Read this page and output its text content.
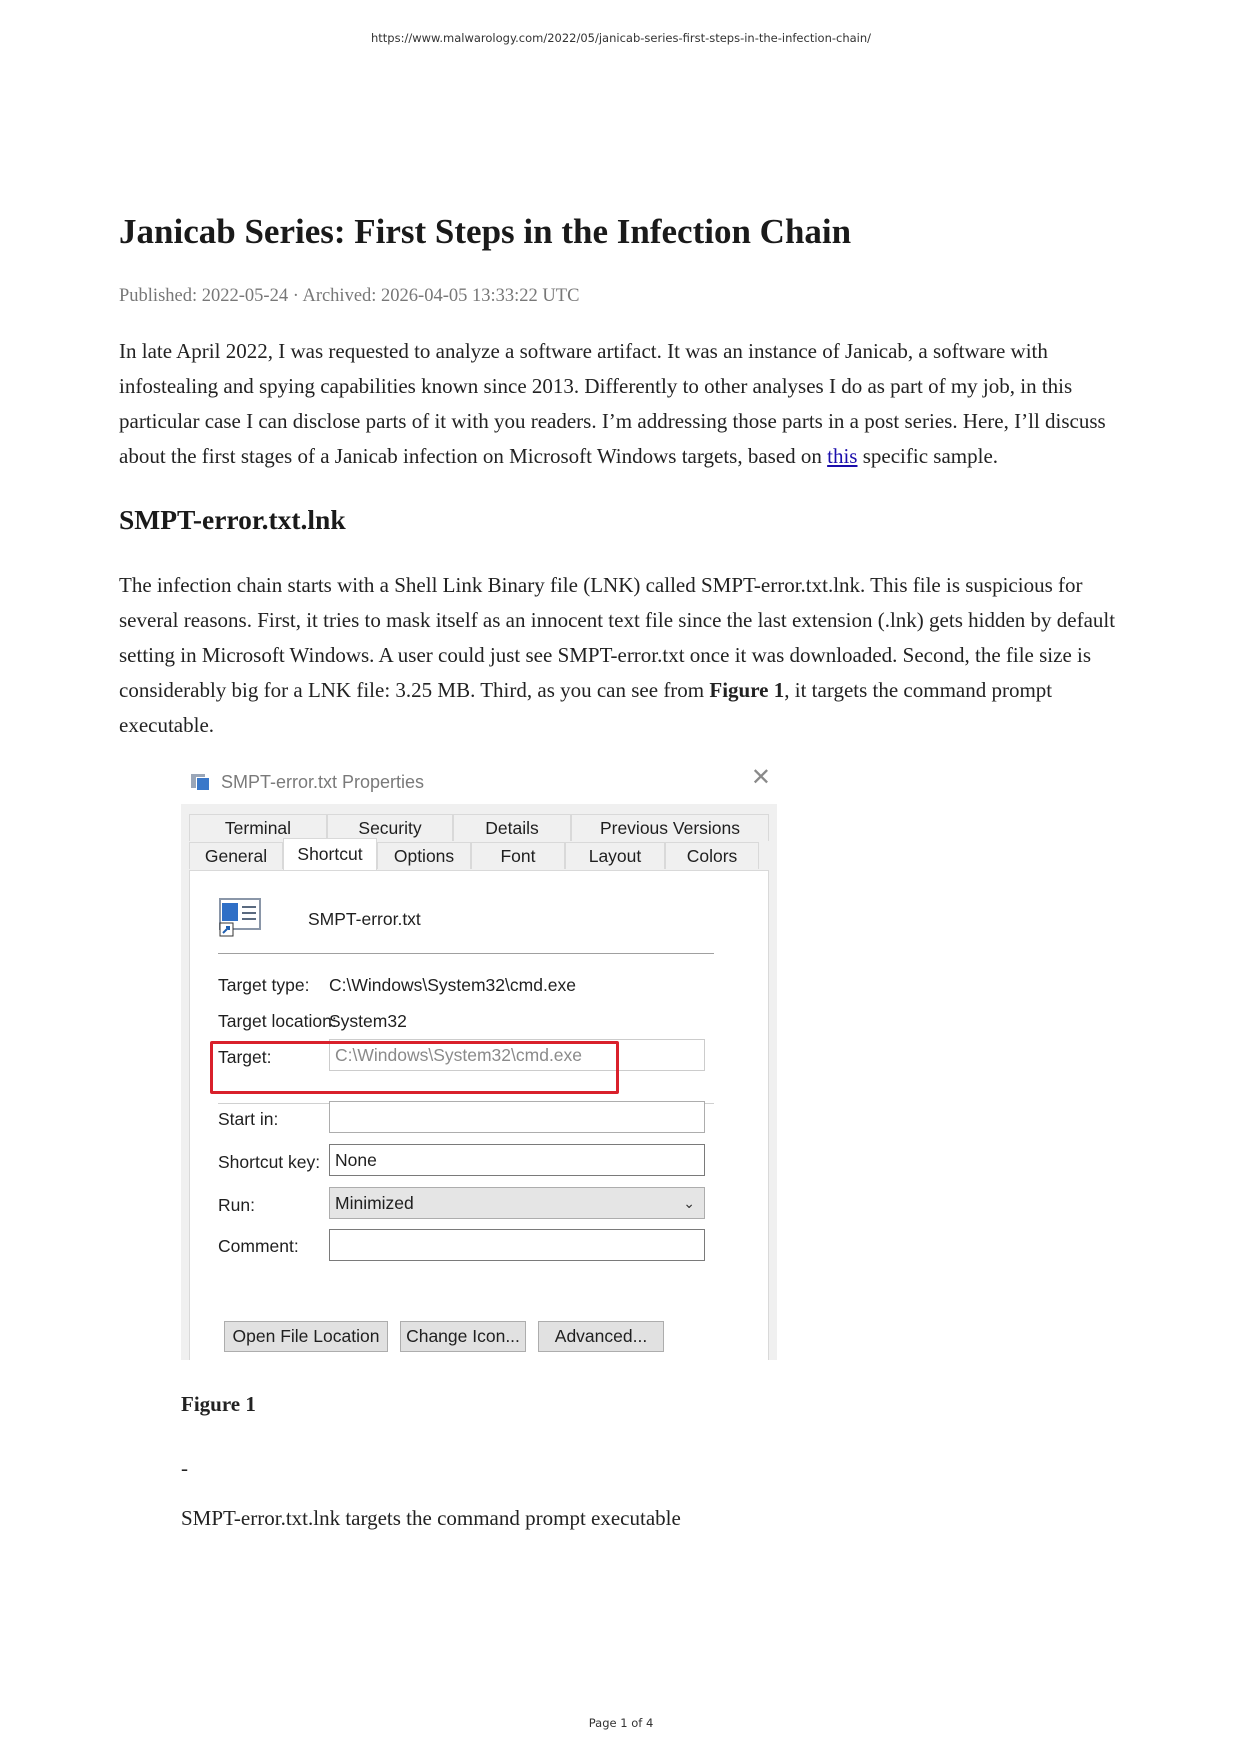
https://www.malwarology.com/2022/05/janicab-series-first-steps-in-the-infection-chain/
Janicab Series: First Steps in the Infection Chain
Published: 2022-05-24 · Archived: 2026-04-05 13:33:22 UTC

In late April 2022, I was requested to analyze a software artifact. It was an instance of Janicab, a software with infostealing and spying capabilities known since 2013. Differently to other analyses I do as part of my job, in this particular case I can disclose parts of it with you readers. I’m addressing those parts in a post series. Here, I’ll discuss about the first stages of a Janicab infection on Microsoft Windows targets, based on this specific sample.

SMPT-error.txt.lnk

The infection chain starts with a Shell Link Binary file (LNK) called SMPT-error.txt.lnk. This file is suspicious for several reasons. First, it tries to mask itself as an innocent text file since the last extension (.lnk) gets hidden by default setting in Microsoft Windows. A user could just see SMPT-error.txt once it was downloaded. Second, the file size is considerably big for a LNK file: 3.25 MB. Third, as you can see from Figure 1, it targets the command prompt executable.

SMPT-error.txt Properties	✕
Terminal	Security	Details	Previous Versions
General	Shortcut	Options	Font	Layout	Colors
SMPT-error.txt
Target type: C:\Windows\System32\cmd.exe
Target location:
System32
Target:	C:\Windows\System32\cmd.exe
Start in:
Shortcut key: None
Run:	Minimized	⌄
Comment:
Open File Location	Change Icon...	Advanced...

Figure 1

-

SMPT-error.txt.lnk targets the command prompt executable

Page 1 of 4
